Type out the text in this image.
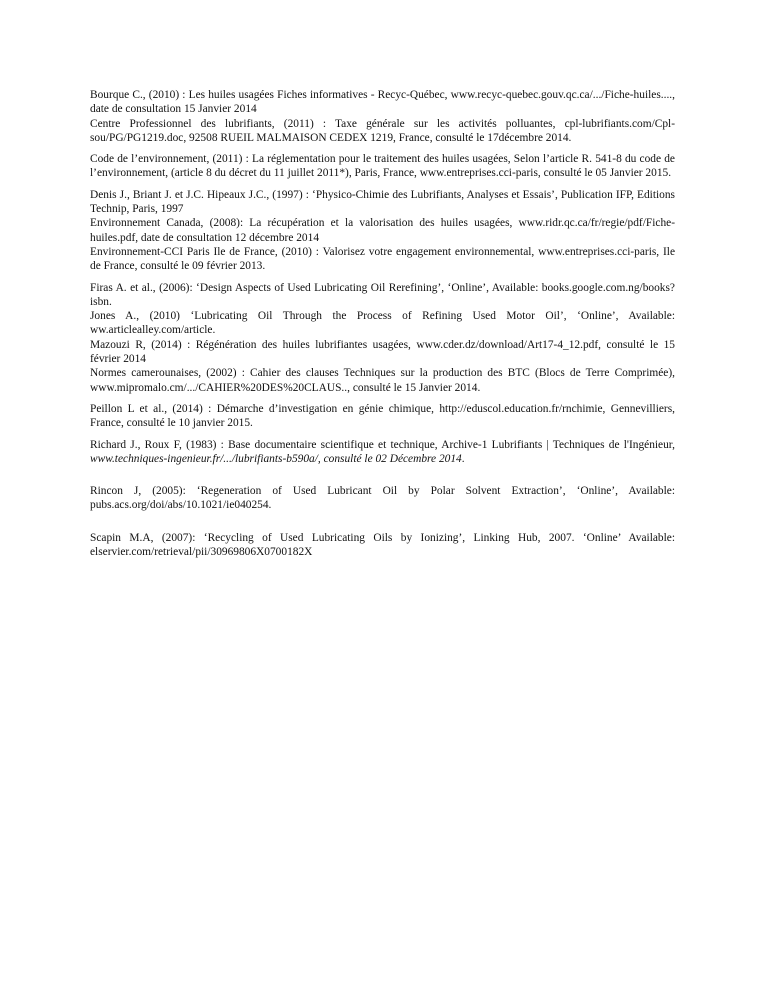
Bourque C., (2010) : Les huiles usagées Fiches informatives - Recyc-Québec, www.recyc-quebec.gouv.qc.ca/.../Fiche-huiles...., date de consultation 15 Janvier 2014

Centre Professionnel des lubrifiants, (2011) : Taxe générale sur les activités polluantes, cpl-lubrifiants.com/Cpl-sou/PG/PG1219.doc, 92508 RUEIL MALMAISON CEDEX 1219, France, consulté le 17décembre 2014.

Code de l’environnement, (2011) : La réglementation pour le traitement des huiles usagées, Selon l’article R. 541-8 du code de l’environnement, (article 8 du décret du 11 juillet 2011*), Paris, France, www.entreprises.cci-paris, consulté le 05 Janvier 2015.

Denis J., Briant J. et J.C. Hipeaux J.C., (1997) : ‘Physico-Chimie des Lubrifiants, Analyses et Essais’, Publication IFP, Editions Technip, Paris, 1997

Environnement Canada, (2008): La récupération et la valorisation des huiles usagées, www.ridr.qc.ca/fr/regie/pdf/Fiche-huiles.pdf, date de consultation 12 décembre 2014

Environnement-CCI Paris Ile de France, (2010) : Valorisez votre engagement environnemental, www.entreprises.cci-paris, Ile de France, consulté le 09 février 2013.

Firas A. et al., (2006): ‘Design Aspects of Used Lubricating Oil Rerefining’, ‘Online’, Available: books.google.com.ng/books?isbn.

Jones A., (2010) ‘Lubricating Oil Through the Process of Refining Used Motor Oil’, ‘Online’, Available: ww.articlealley.com/article.

Mazouzi R, (2014) : Régénération des huiles lubrifiantes usagées, www.cder.dz/download/Art17-4_12.pdf, consulté le 15 février 2014

Normes camerounaises, (2002) : Cahier des clauses Techniques sur la production des BTC (Blocs de Terre Comprimée), www.mipromalo.cm/.../CAHIER%20DES%20CLAUS.., consulté le 15 Janvier 2014.

Peillon L et al., (2014) : Démarche d’investigation en génie chimique, http://eduscol.education.fr/rnchimie, Gennevilliers, France, consulté le 10 janvier 2015.

Richard J., Roux F, (1983) : Base documentaire scientifique et technique, Archive-1 Lubrifiants | Techniques de l'Ingénieur, www.techniques-ingenieur.fr/.../lubrifiants-b590a/, consulté le 02 Décembre 2014.

Rincon J, (2005): ‘Regeneration of Used Lubricant Oil by Polar Solvent Extraction’, ‘Online’, Available: pubs.acs.org/doi/abs/10.1021/ie040254.

Scapin M.A, (2007): ‘Recycling of Used Lubricating Oils by Ionizing’, Linking Hub, 2007. ‘Online’ Available: elservier.com/retrieval/pii/30969806X0700182X
